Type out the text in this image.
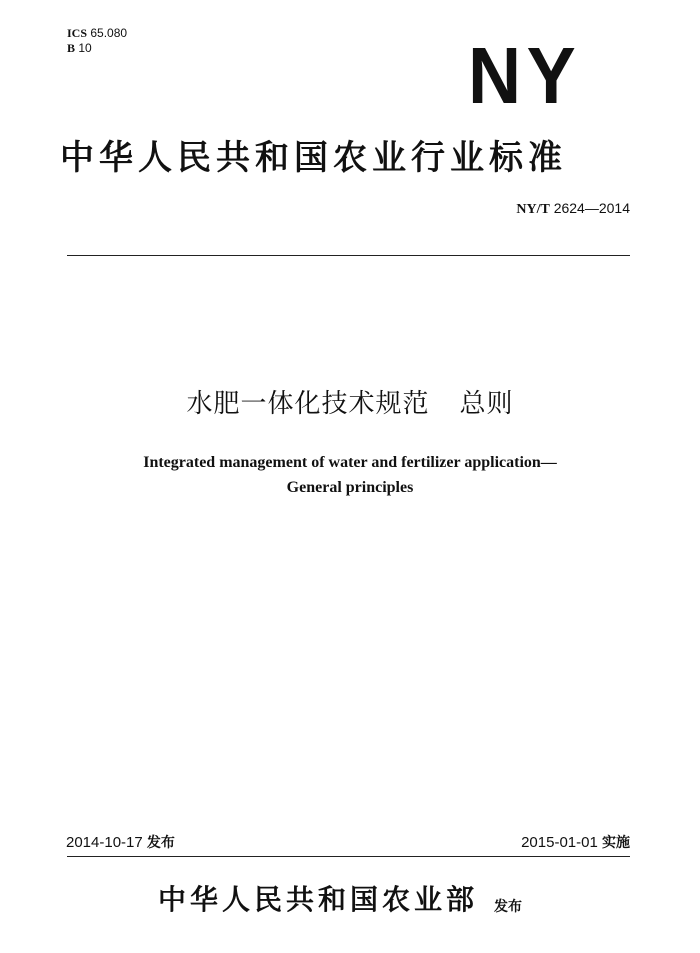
ICS 65.080
B 10	NY
中华人民共和国农业行业标准
NY/T 2624—2014
水肥一体化技术规范 总则
Integrated management of water and fertilizer application—
General principles
2014-10-17 发布	2015-01-01 实施
中华人民共和国农业部 发布
